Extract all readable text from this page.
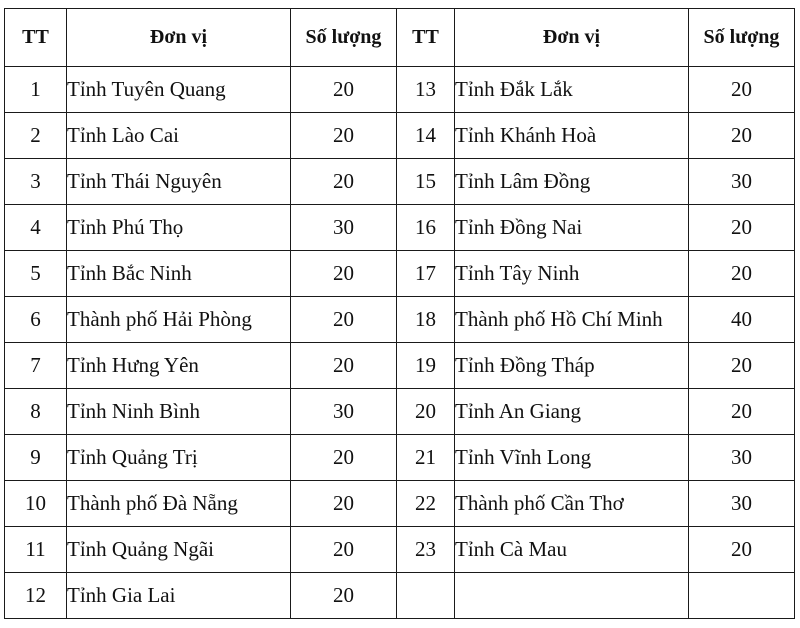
TT	Đơn vị	Số lượng	TT	Đơn vị	Số lượng
1	Tỉnh Tuyên Quang	20	13	Tỉnh Đắk Lắk	20
2	Tỉnh Lào Cai	20	14	Tỉnh Khánh Hoà	20
3	Tỉnh Thái Nguyên	20	15	Tỉnh Lâm Đồng	30
4	Tỉnh Phú Thọ	30	16	Tỉnh Đồng Nai	20
5	Tỉnh Bắc Ninh	20	17	Tỉnh Tây Ninh	20
6	Thành phố Hải Phòng	20	18	Thành phố Hồ Chí Minh	40
7	Tỉnh Hưng Yên	20	19	Tỉnh Đồng Tháp	20
8	Tỉnh Ninh Bình	30	20	Tỉnh An Giang	20
9	Tỉnh Quảng Trị	20	21	Tỉnh Vĩnh Long	30
10	Thành phố Đà Nẵng	20	22	Thành phố Cần Thơ	30
11	Tỉnh Quảng Ngãi	20	23	Tỉnh Cà Mau	20
12	Tỉnh Gia Lai	20			
